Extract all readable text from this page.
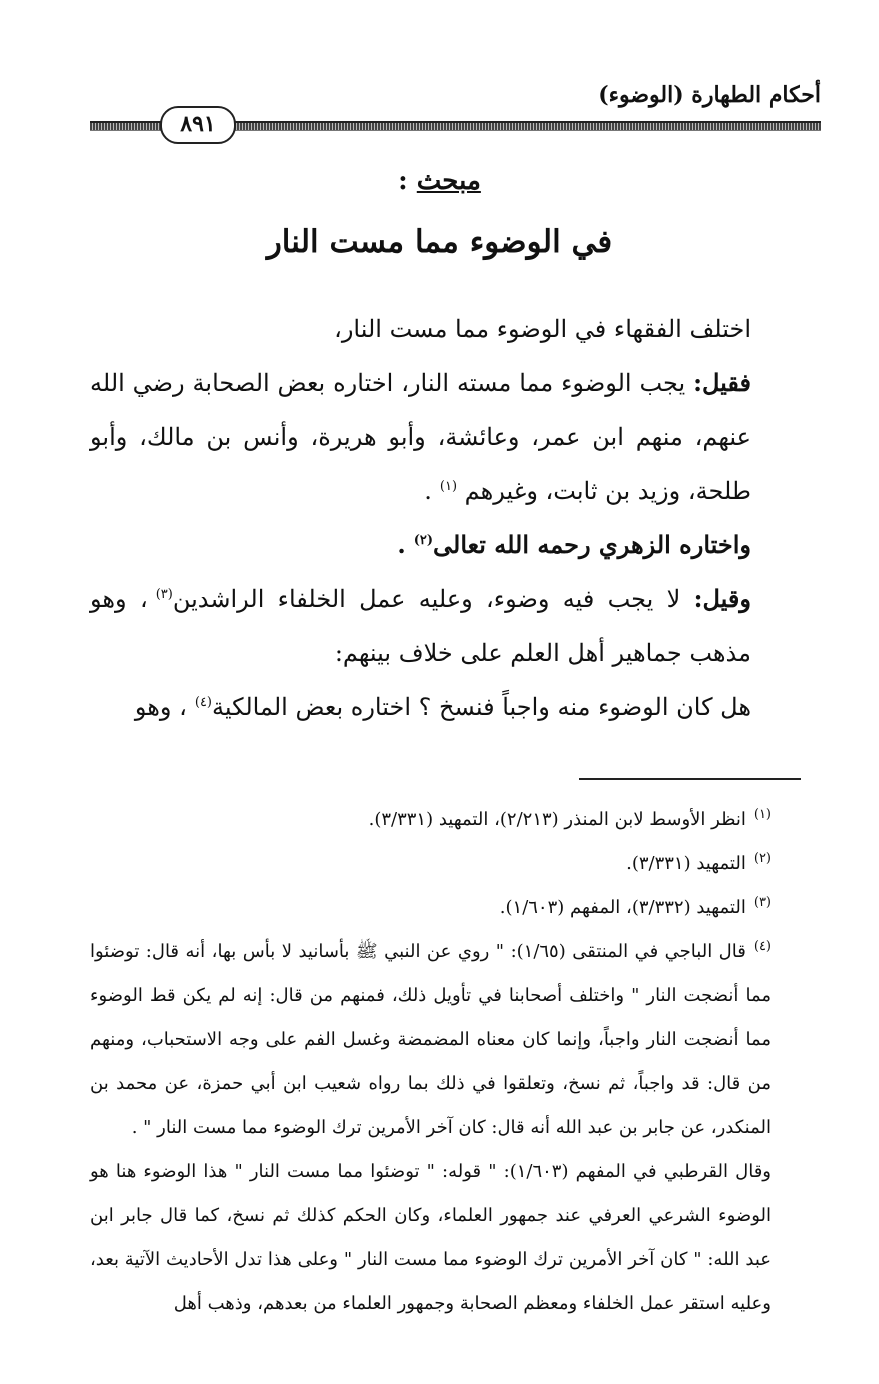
أحكام الطهارة (الوضوء)
٨٩١
مبحث :
في الوضوء مما مست النار

اختلف الفقهاء في الوضوء مما مست النار،

فقيل: يجب الوضوء مما مسته النار، اختاره بعض الصحابة رضي الله عنهم، منهم ابن عمر، وعائشة، وأبو هريرة، وأنس بن مالك، وأبو طلحة، وزيد بن ثابت، وغيرهم $^{(١)}$.

واختاره الزهري رحمه الله تعالى$^{(٢)}$.

وقيل: لا يجب فيه وضوء، وعليه عمل الخلفاء الراشدين$^{(٣)}$، وهو مذهب جماهير أهل العلم على خلاف بينهم:

هل كان الوضوء منه واجباً فنسخ ؟ اختاره بعض المالكية$^{(٤)}$، وهو

$^{(١)}$انظر الأوسط لابن المنذر (٢/٢١٣)، التمهيد (٣/٣٣١).

$^{(٢)}$التمهيد (٣/٣٣١).

$^{(٣)}$التمهيد (٣/٣٣٢)، المفهم (١/٦٠٣).

$^{(٤)}$قال الباجي في المنتقى (١/٦٥): " روي عن النبي ﷺ بأسانيد لا بأس بها، أنه قال: توضئوا مما أنضجت النار " واختلف أصحابنا في تأويل ذلك، فمنهم من قال: إنه لم يكن قط الوضوء مما أنضجت النار واجباً، وإنما كان معناه المضمضة وغسل الفم على وجه الاستحباب، ومنهم من قال: قد واجباً، ثم نسخ، وتعلقوا في ذلك بما رواه شعيب ابن أبي حمزة، عن محمد بن المنكدر، عن جابر بن عبد الله أنه قال: كان آخر الأمرين ترك الوضوء مما مست النار " .

وقال القرطبي في المفهم (١/٦٠٣): " قوله: " توضئوا مما مست النار " هذا الوضوء هنا هو الوضوء الشرعي العرفي عند جمهور العلماء، وكان الحكم كذلك ثم نسخ، كما قال جابر ابن عبد الله: " كان آخر الأمرين ترك الوضوء مما مست النار " وعلى هذا تدل الأحاديث الآتية بعد، وعليه استقر عمل الخلفاء ومعظم الصحابة وجمهور العلماء من بعدهم، وذهب أهل
